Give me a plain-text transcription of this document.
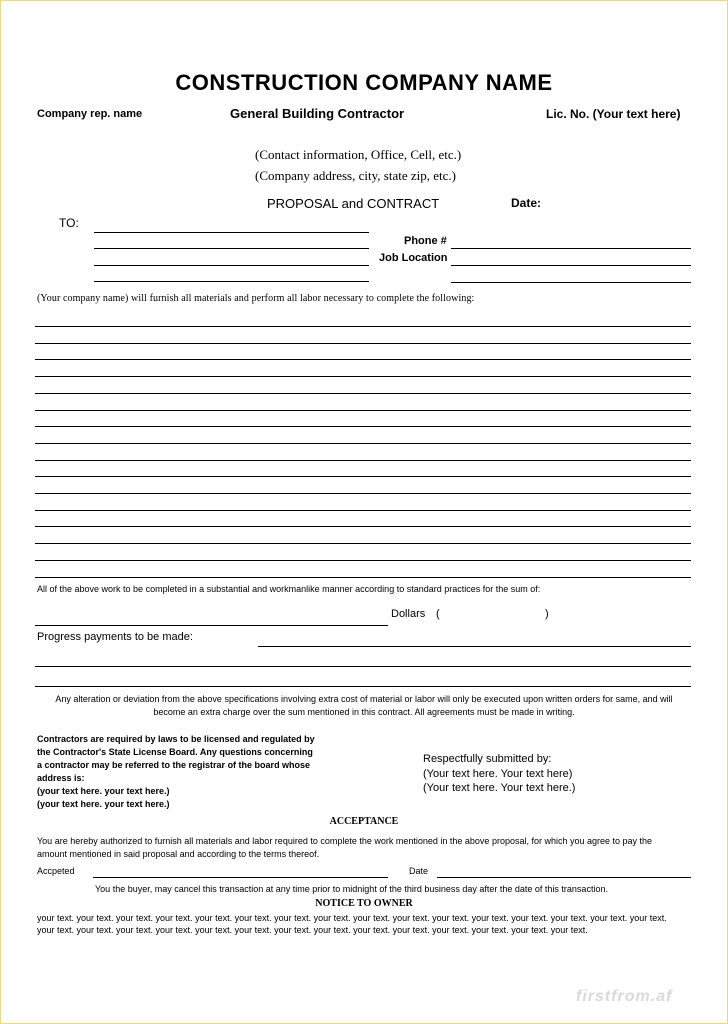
CONSTRUCTION COMPANY NAME
Company rep. name	General Building Contractor	Lic. No. (Your text here)
(Contact information, Office, Cell, etc.)
(Company address, city, state zip, etc.)
PROPOSAL and CONTRACT	Date:
TO:
Phone #
Job Location
(Your company name) will furnish all materials and perform all labor necessary to complete the following:
All of the above work to be completed in a substantial and workmanlike manner according to standard practices for the sum of:
Dollars (	)
Progress payments to be made:
Any alteration or deviation from the above specifications involving extra cost of material or labor will only be executed upon written orders for same, and will
become an extra charge over the sum mentioned in this contract. All agreements must be made in writing.
Contractors are required by laws to be licensed and regulated by
the Contractor's State License Board. Any questions concerning
a contractor may be referred to the registrar of the board whose
address is:
(your text here. your text here.)
(your text here. your text here.)
Respectfully submitted by:
(Your text here. Your text here)
(Your text here. Your text here.)
ACCEPTANCE
You are hereby authorized to furnish all materials and labor required to complete the work mentioned in the above proposal, for which you agree to pay the
amount mentioned in said proposal and according to the terms thereof.
Accpeted	Date
You the buyer, may cancel this transaction at any time prior to midnight of the third business day after the date of this transaction.
NOTICE TO OWNER
your text. your text. your text. your text. your text. your text. your text. your text. your text. your text. your text. your text. your text. your text. your text. your text.
your text. your text. your text. your text. your text. your text. your text. your text. your text. your text. your text. your text. your text. your text.
firstfrom.af
